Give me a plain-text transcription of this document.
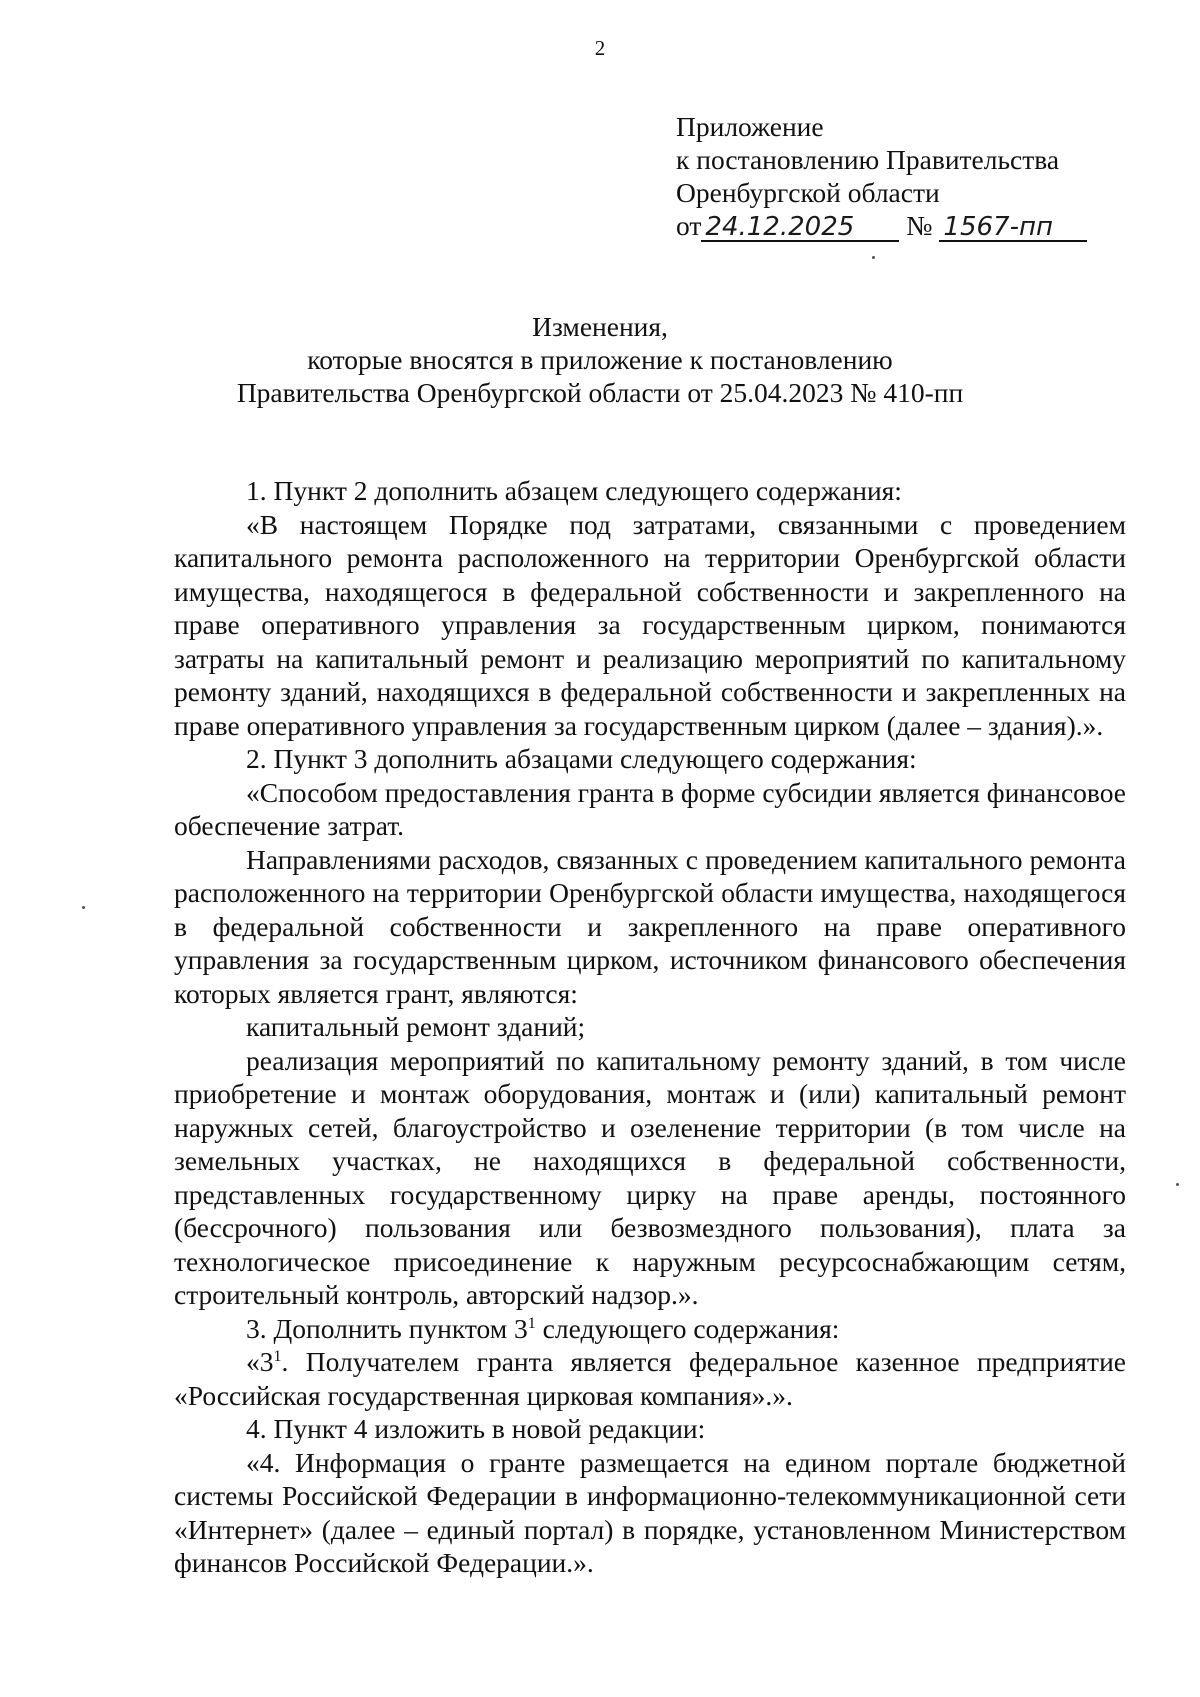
2
Приложение
к постановлению Правительства
Оренбургской области
от 24.12.2025 № 1567-пп
Изменения,
которые вносятся в приложение к постановлению
Правительства Оренбургской области от 25.04.2023 № 410-пп

1. Пункт 2 дополнить абзацем следующего содержания:

«В настоящем Порядке под затратами, связанными с проведением капитального ремонта расположенного на территории Оренбургской области имущества, находящегося в федеральной собственности и закрепленного на праве оперативного управления за государственным цирком, понимаются затраты на капитальный ремонт и реализацию мероприятий по капитальному ремонту зданий, находящихся в федеральной собственности и закрепленных на праве оперативного управления за государственным цирком (далее – здания).».

2. Пункт 3 дополнить абзацами следующего содержания:

«Способом предоставления гранта в форме субсидии является финансовое обеспечение затрат.

Направлениями расходов, связанных с проведением капитального ремонта расположенного на территории Оренбургской области имущества, находящегося в федеральной собственности и закрепленного на праве оперативного управления за государственным цирком, источником финансового обеспечения которых является грант, являются:

капитальный ремонт зданий;

реализация мероприятий по капитальному ремонту зданий, в том числе приобретение и монтаж оборудования, монтаж и (или) капитальный ремонт наружных сетей, благоустройство и озеленение территории (в том числе на земельных участках, не находящихся в федеральной собственности, представленных государственному цирку на праве аренды, постоянного (бессрочного) пользования или безвозмездного пользования), плата за технологическое присоединение к наружным ресурсоснабжающим сетям, строительный контроль, авторский надзор.».

3. Дополнить пунктом $3^1$ следующего содержания:

«$3^1$. Получателем гранта является федеральное казенное предприятие «Российская государственная цирковая компания».».

4. Пункт 4 изложить в новой редакции:

«4. Информация о гранте размещается на едином портале бюджетной системы Российской Федерации в информационно-телекоммуникационной сети «Интернет» (далее – единый портал) в порядке, установленном Министерством финансов Российской Федерации.».
